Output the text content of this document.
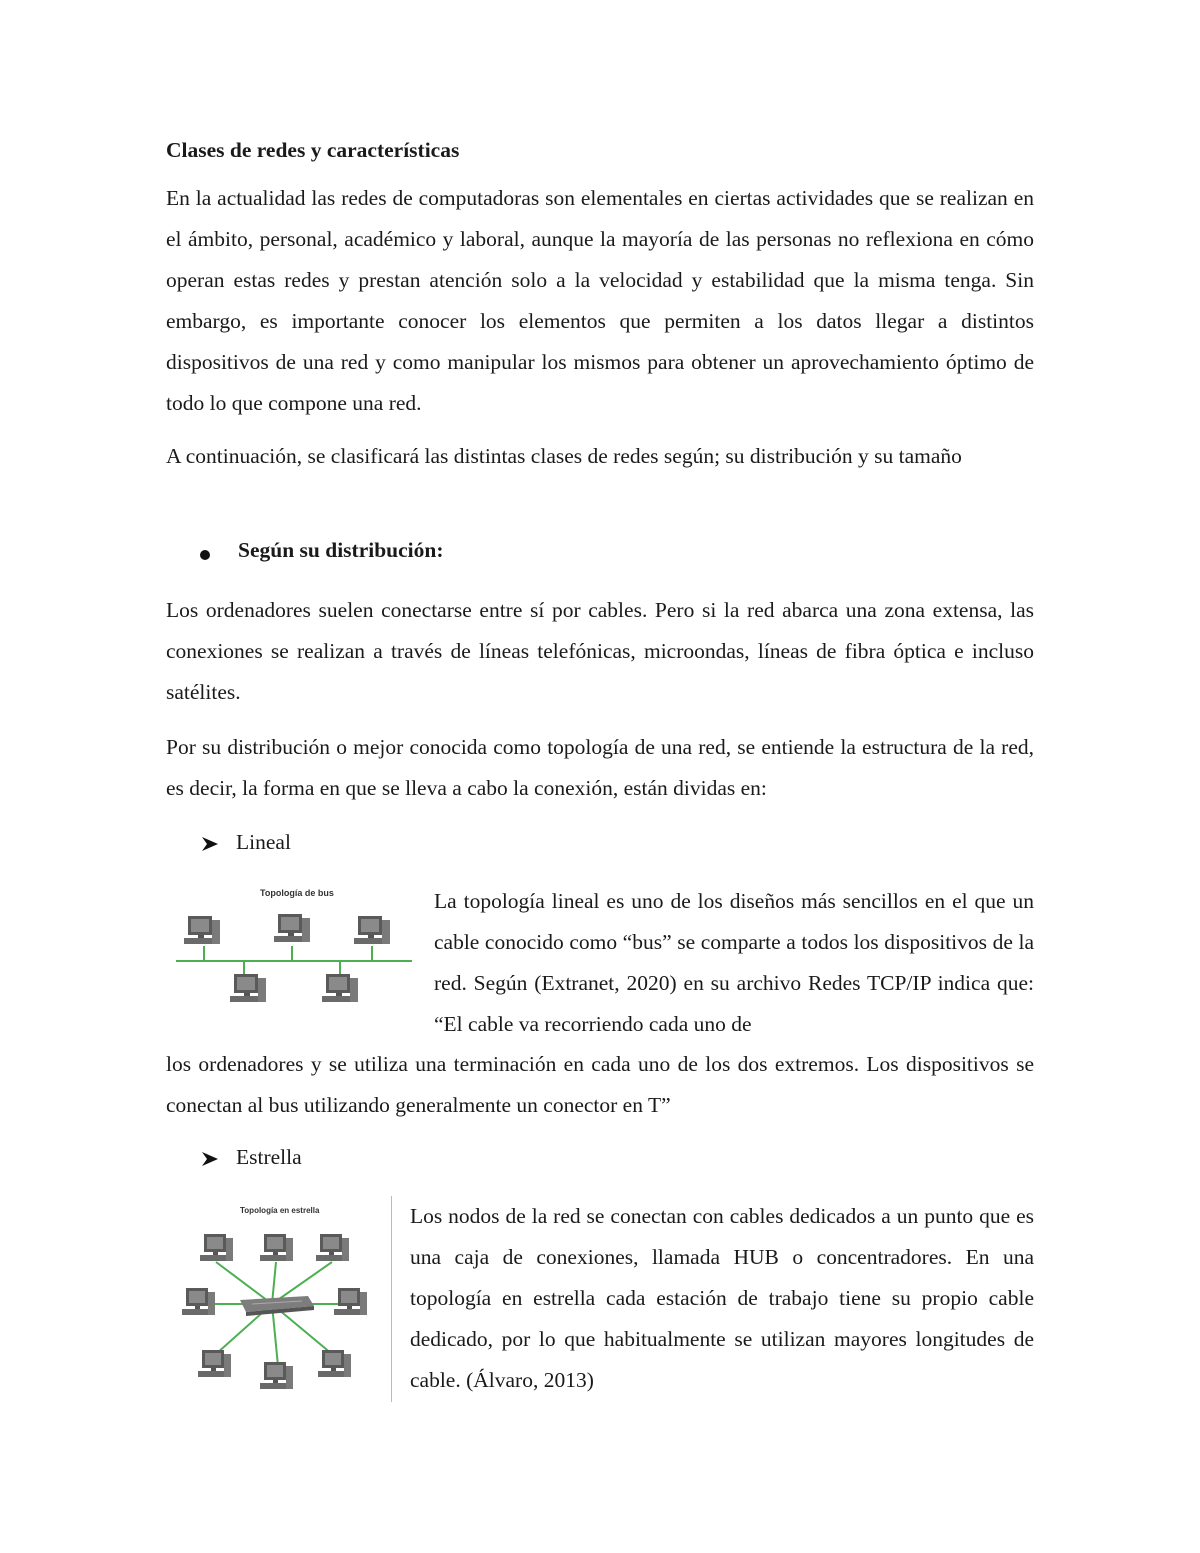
Clases de redes y características

En la actualidad las redes de computadoras son elementales en ciertas actividades que se realizan en el ámbito, personal, académico y laboral, aunque la mayoría de las personas no reflexiona en cómo operan estas redes y prestan atención solo a la velocidad y estabilidad que la misma tenga. Sin embargo, es importante conocer los elementos que permiten a los datos llegar a distintos dispositivos de una red y como manipular los mismos para obtener un aprovechamiento óptimo de todo lo que compone una red.

A continuación, se clasificará las distintas clases de redes según; su distribución y su tamaño

Según su distribución:

Los ordenadores suelen conectarse entre sí por cables. Pero si la red abarca una zona extensa, las conexiones se realizan a través de líneas telefónicas, microondas, líneas de fibra óptica e incluso satélites.

Por su distribución o mejor conocida como topología de una red, se entiende la estructura de la red, es decir, la forma en que se lleva a cabo la conexión, están dividas en:

Lineal
Topología de bus	La topología lineal es uno de los diseños más sencillos en el que un cable conocido como “bus” se comparte a todos los dispositivos de la red. Según (Extranet, 2020) en su archivo Redes TCP/IP indica que: “El cable va recorriendo cada uno de

los ordenadores y se utiliza una terminación en cada uno de los dos extremos. Los dispositivos se conectan al bus utilizando generalmente un conector en T”

Estrella
Topología en estrella	Los nodos de la red se conectan con cables dedicados a un punto que es una caja de conexiones, llamada HUB o concentradores. En una topología en estrella cada estación de trabajo tiene su propio cable dedicado, por lo que habitualmente se utilizan mayores longitudes de cable. (Álvaro, 2013)
